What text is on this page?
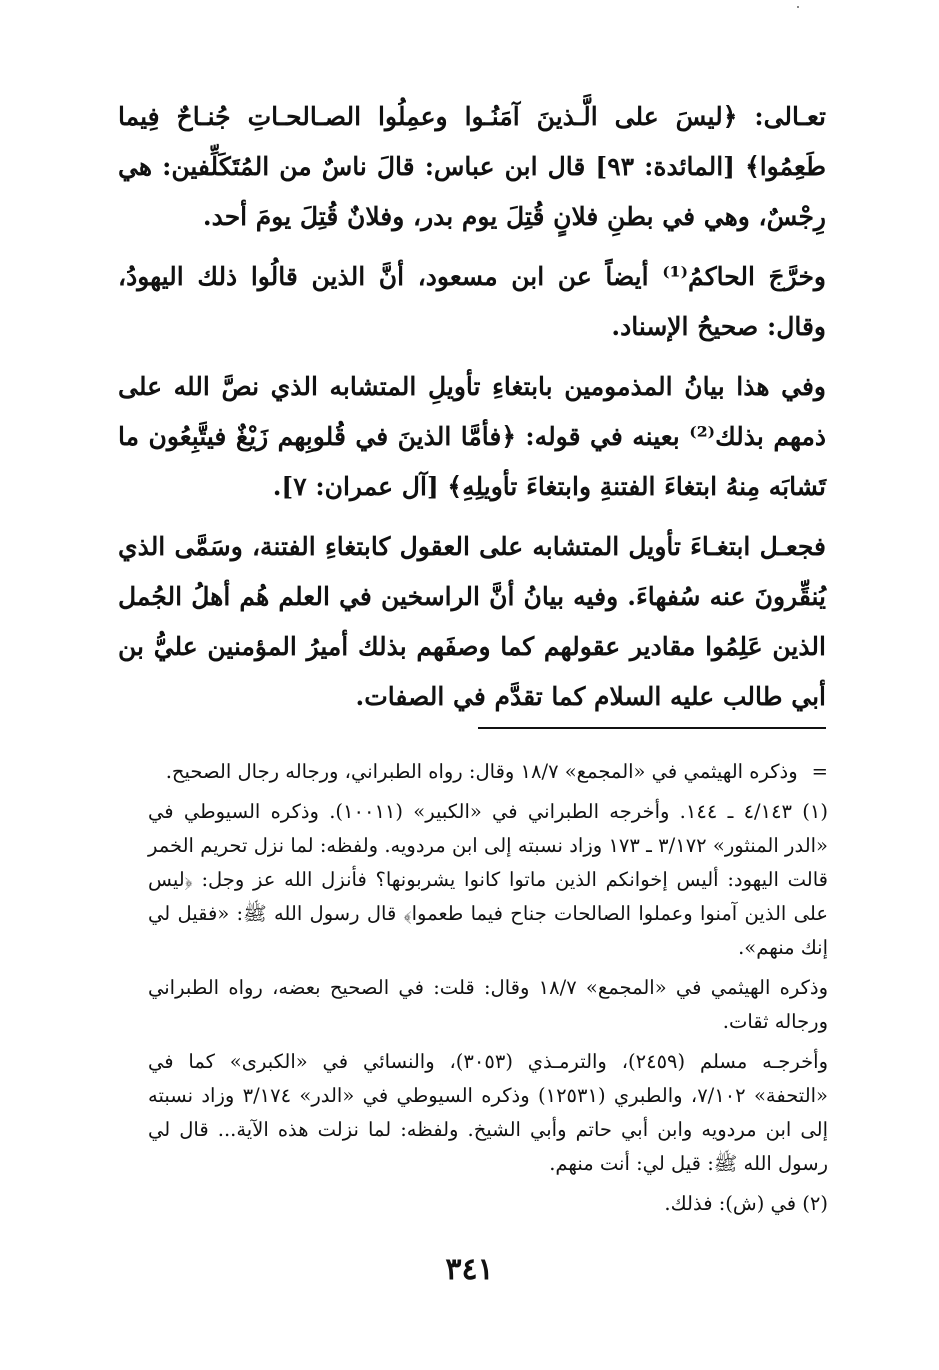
تعـالى: ﴿ليسَ على الَّـذينَ آمَنُـوا وعمِلُوا الصـالحـاتِ جُنـاحٌ فِيما طَعِمُوا﴾ [المائدة: ٩٣] قال ابن عباس: قالَ ناسٌ من المُتَكَلِّفين: هي رِجْسٌ، وهي في بطنِ فلانٍ قُتِلَ يوم بدر، وفلانٌ قُتِلَ يومَ أحد.

وخرَّجَ الحاكمُ⁽¹⁾ أيضاً عن ابن مسعود، أنَّ الذين قالُوا ذلك اليهودُ، وقال: صحيحُ الإسناد.

وفي هذا بيانُ المذمومين بابتغاءِ تأويلِ المتشابه الذي نصَّ الله على ذمهم بذلك⁽²⁾ بعينه في قوله: ﴿فأمَّا الذينَ في قُلوبِهم زَيْغٌ فيتَّبِعُون ما تَشابَه مِنهُ ابتغاءَ الفتنةِ وابتغاءَ تأويلِهِ﴾ [آل عمران: ٧].

فجعـل ابتغـاءَ تأويل المتشابه على العقول كابتغاءِ الفتنة، وسَمَّى الذي يُنقِّرونَ عنه سُفهاءَ. وفيه بيانُ أنَّ الراسخين في العلم هُم أهلُ الجُمل الذين عَلِمُوا مقادير عقولهم كما وصفَهم بذلك أميرُ المؤمنين عليُّ بن أبي طالب عليه السلام كما تقدَّم في الصفات.

=وذكره الهيثمي في «المجمع» ١٨/٧ وقال: رواه الطبراني، ورجاله رجال الصحيح.
(١) ٤/١٤٣ ـ ١٤٤. وأخرجه الطبراني في «الكبير» (١٠٠١١). وذكره السيوطي في «الدر المنثور» ٣/١٧٢ ـ ١٧٣ وزاد نسبته إلى ابن مردويه. ولفظه: لما نزل تحريم الخمر قالت اليهود: أليس إخوانكم الذين ماتوا كانوا يشربونها؟ فأنزل الله عز وجل: ﴿ليس على الذين آمنوا وعملوا الصالحات جناح فيما طعموا﴾ قال رسول الله ﷺ: «فقيل لي إنك منهم».
وذكره الهيثمي في «المجمع» ١٨/٧ وقال: قلت: في الصحيح بعضه، رواه الطبراني ورجاله ثقات.
وأخرجـه مسلم (٢٤٥٩)، والترمـذي (٣٠٥٣)، والنسائي في «الكبرى» كما في «التحفة» ٧/١٠٢، والطبري (١٢٥٣١) وذكره السيوطي في «الدر» ٣/١٧٤ وزاد نسبته إلى ابن مردويه وابن أبي حاتم وأبي الشيخ. ولفظه: لما نزلت هذه الآية... قال لي رسول الله ﷺ: قيل لي: أنت منهم.
(٢) في (ش): فذلك.
٣٤١
